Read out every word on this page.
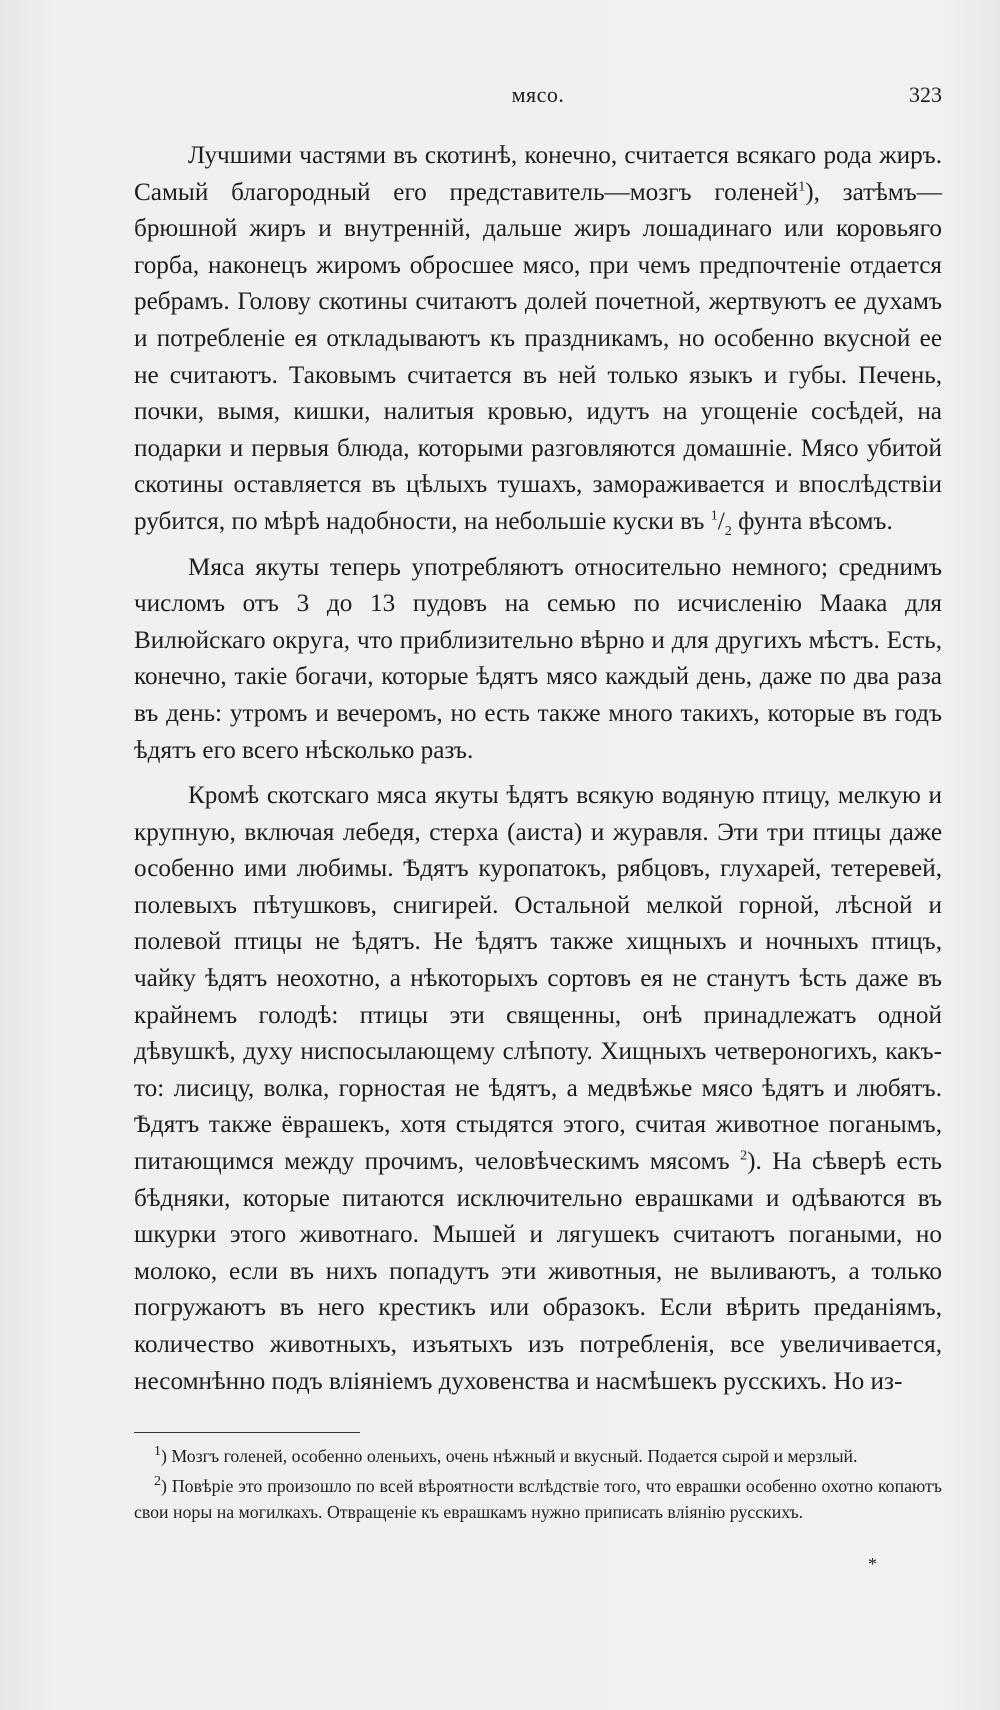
мясо.	323

Лучшими частями въ скотинѣ, конечно, считается всякаго рода жиръ. Самый благородный его представитель—мозгъ голеней$^1$), затѣмъ—брюшной жиръ и внутренній, дальше жиръ лошадинаго или коровьяго горба, наконецъ жиромъ обросшее мясо, при чемъ предпочтеніе отдается ребрамъ. Голову скотины считаютъ долей почетной, жертвуютъ ее духамъ и потребленіе ея откладываютъ къ праздникамъ, но особенно вкусной ее не считаютъ. Таковымъ считается въ ней только языкъ и губы. Печень, почки, вымя, кишки, налитыя кровью, идутъ на угощеніе сосѣдей, на подарки и первыя блюда, которыми разговляются домашніе. Мясо убитой скотины оставляется въ цѣлыхъ тушахъ, замораживается и впослѣдствіи рубится, по мѣрѣ надобности, на небольшіе куски въ $^1/_2$ фунта вѣсомъ.

Мяса якуты теперь употребляютъ относительно немного; среднимъ числомъ отъ 3 до 13 пудовъ на семью по исчисленію Маака для Вилюйскаго округа, что приблизительно вѣрно и для другихъ мѣстъ. Есть, конечно, такіе богачи, которые ѣдятъ мясо каждый день, даже по два раза въ день: утромъ и вечеромъ, но есть также много такихъ, которые въ годъ ѣдятъ его всего нѣсколько разъ.

Кромѣ скотскаго мяса якуты ѣдятъ всякую водяную птицу, мелкую и крупную, включая лебедя, стерха (аиста) и журавля. Эти три птицы даже особенно ими любимы. Ѣдятъ куропатокъ, рябцовъ, глухарей, тетеревей, полевыхъ пѣтушковъ, снигирей. Остальной мелкой горной, лѣсной и полевой птицы не ѣдятъ. Не ѣдятъ также хищныхъ и ночныхъ птицъ, чайку ѣдятъ неохотно, а нѣкоторыхъ сортовъ ея не станутъ ѣсть даже въ крайнемъ голодѣ: птицы эти священны, онѣ принадлежатъ одной дѣвушкѣ, духу ниспосылающему слѣпоту. Хищныхъ четвероногихъ, какъ-то: лисицу, волка, горностая не ѣдятъ, а медвѣжье мясо ѣдятъ и любятъ. Ѣдятъ также ёврашекъ, хотя стыдятся этого, считая животное поганымъ, питающимся между прочимъ, человѣческимъ мясомъ $^2$). На сѣверѣ есть бѣдняки, которые питаются исключительно еврашками и одѣваются въ шкурки этого животнаго. Мышей и лягушекъ считаютъ погаными, но молоко, если въ нихъ попадутъ эти животныя, не выливаютъ, а только погружаютъ въ него крестикъ или образокъ. Если вѣрить преданіямъ, количество животныхъ, изъятыхъ изъ потребленія, все увеличивается, несомнѣнно подъ вліяніемъ духовенства и насмѣшекъ русскихъ. Но из-

$^1$) Мозгъ голеней, особенно оленьихъ, очень нѣжный и вкусный. Подается сырой и мерзлый.

$^2$) Повѣріе это произошло по всей вѣроятности вслѣдствіе того, что еврашки особенно охотно копаютъ свои норы на могилкахъ. Отвращеніе къ еврашкамъ нужно приписать вліянію русскихъ.

*
